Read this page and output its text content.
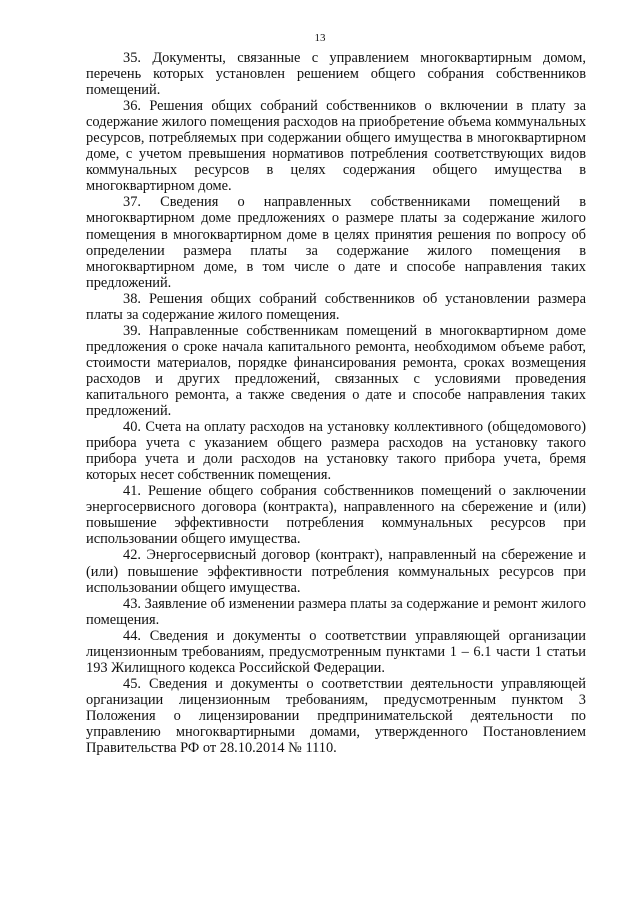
13

35. Документы, связанные с управлением многоквартирным домом, перечень которых установлен решением общего собрания собственников помещений.

36. Решения общих собраний собственников о включении в плату за содержание жилого помещения расходов на приобретение объема коммунальных ресурсов, потребляемых при содержании общего имущества в многоквартирном доме, с учетом превышения нормативов потребления соответствующих видов коммунальных ресурсов в целях содержания общего имущества в многоквартирном доме.

37. Сведения о направленных собственниками помещений в многоквартирном доме предложениях о размере платы за содержание жилого помещения в многоквартирном доме в целях принятия решения по вопросу об определении размера платы за содержание жилого помещения в многоквартирном доме, в том числе о дате и способе направления таких предложений.

38. Решения общих собраний собственников об установлении размера платы за содержание жилого помещения.

39. Направленные собственникам помещений в многоквартирном доме предложения о сроке начала капитального ремонта, необходимом объеме работ, стоимости материалов, порядке финансирования ремонта, сроках возмещения расходов и других предложений, связанных с условиями проведения капитального ремонта, а также сведения о дате и способе направления таких предложений.

40. Счета на оплату расходов на установку коллективного (общедомового) прибора учета с указанием общего размера расходов на установку такого прибора учета и доли расходов на установку такого прибора учета, бремя которых несет собственник помещения.

41. Решение общего собрания собственников помещений о заключении энергосервисного договора (контракта), направленного на сбережение и (или) повышение эффективности потребления коммунальных ресурсов при использовании общего имущества.

42. Энергосервисный договор (контракт), направленный на сбережение и (или) повышение эффективности потребления коммунальных ресурсов при использовании общего имущества.

43. Заявление об изменении размера платы за содержание и ремонт жилого помещения.

44. Сведения и документы о соответствии управляющей организации лицензионным требованиям, предусмотренным пунктами 1 – 6.1 части 1 статьи 193 Жилищного кодекса Российской Федерации.

45. Сведения и документы о соответствии деятельности управляющей организации лицензионным требованиям, предусмотренным пунктом 3 Положения о лицензировании предпринимательской деятельности по управлению многоквартирными домами, утвержденного Постановлением Правительства РФ от 28.10.2014 № 1110.
